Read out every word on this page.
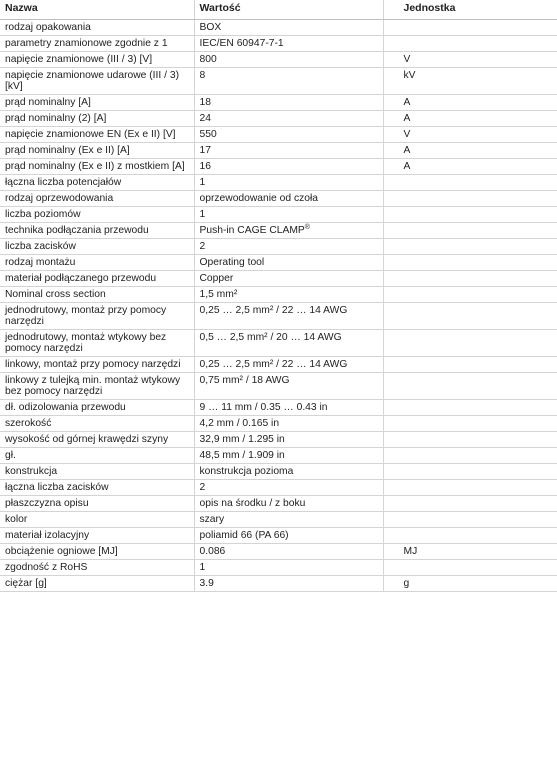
Nazwa	Wartość	Jednostka
rodzaj opakowania	BOX	
parametry znamionowe zgodnie z 1	IEC/EN 60947-7-1	
napięcie znamionowe (III / 3) [V]	800	V
napięcie znamionowe udarowe (III / 3) [kV]	8	kV
prąd nominalny [A]	18	A
prąd nominalny (2) [A]	24	A
napięcie znamionowe EN (Ex e II) [V]	550	V
prąd nominalny (Ex e II) [A]	17	A
prąd nominalny (Ex e II) z mostkiem [A]	16	A
łączna liczba potencjałów	1	
rodzaj oprzewodowania	oprzewodowanie od czoła	
liczba poziomów	1	
technika podłączania przewodu	Push-in CAGE CLAMP®	
liczba zacisków	2	
rodzaj montażu	Operating tool	
materiał podłączanego przewodu	Copper	
Nominal cross section	1,5 mm²	
jednodrutowy, montaż przy pomocy narzędzi	0,25 … 2,5 mm² / 22 … 14 AWG	
jednodrutowy, montaż wtykowy bez pomocy narzędzi	0,5 … 2,5 mm² / 20 … 14 AWG	
linkowy, montaż przy pomocy narzędzi	0,25 … 2,5 mm² / 22 … 14 AWG	
linkowy z tulejką min. montaż wtykowy bez pomocy narzędzi	0,75 mm² / 18 AWG	
dł. odizolowania przewodu	9 … 11 mm / 0.35 … 0.43 in	
szerokość	4,2 mm / 0.165 in	
wysokość od górnej krawędzi szyny	32,9 mm / 1.295 in	
gł.	48,5 mm / 1.909 in	
konstrukcja	konstrukcja pozioma	
łączna liczba zacisków	2	
płaszczyzna opisu	opis na środku / z boku	
kolor	szary	
materiał izolacyjny	poliamid 66 (PA 66)	
obciążenie ogniowe [MJ]	0.086	MJ
zgodność z RoHS	1	
ciężar [g]	3.9	g
